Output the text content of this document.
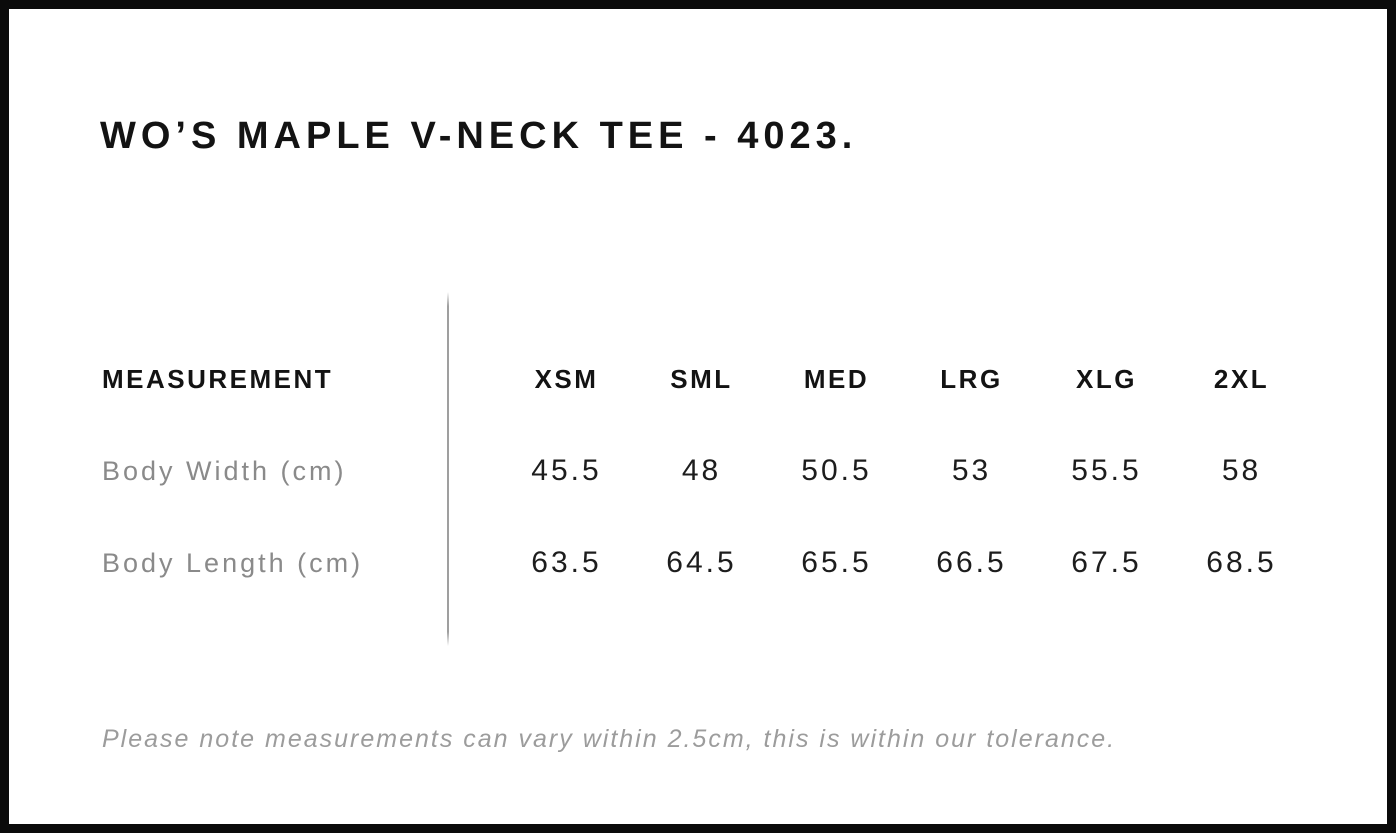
WO’S MAPLE V-NECK TEE - 4023.
MEASUREMENT	XSM	SML	MED	LRG	XLG	2XL
Body Width (cm)	45.5	48	50.5	53	55.5	58
Body Length (cm)	63.5	64.5	65.5	66.5	67.5	68.5
Please note measurements can vary within 2.5cm, this is within our tolerance.
